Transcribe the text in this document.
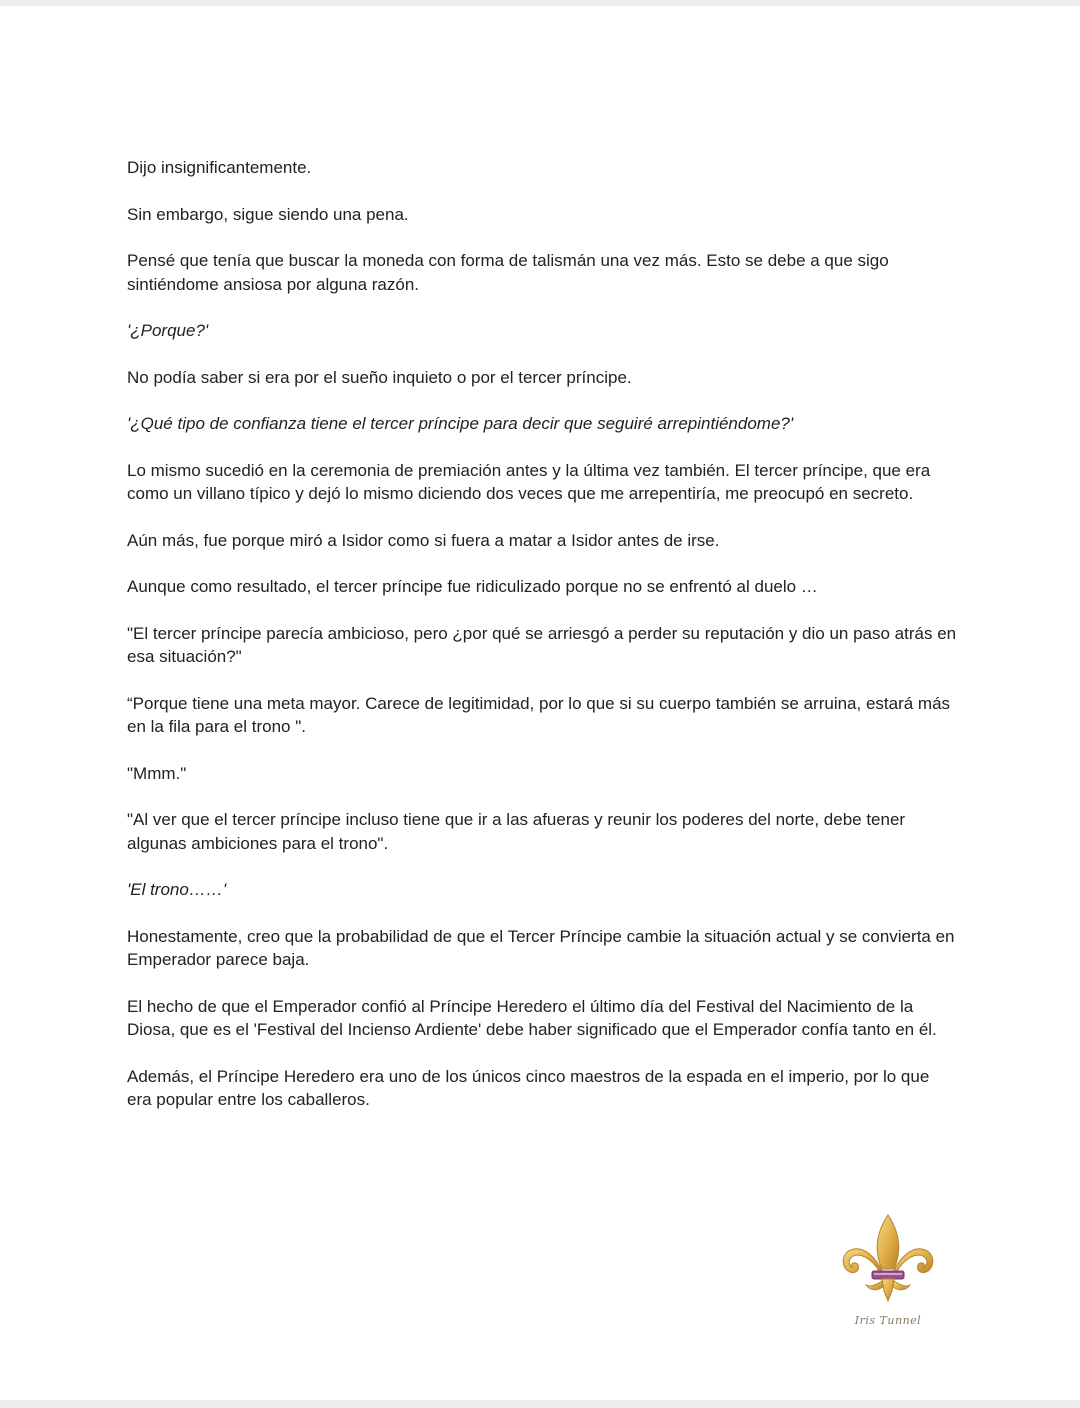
Dijo insignificantemente.

Sin embargo, sigue siendo una pena.

Pensé que tenía que buscar la moneda con forma de talismán una vez más. Esto se debe a que sigo sintiéndome ansiosa por alguna razón.

'¿Porque?'

No podía saber si era por el sueño inquieto o por el tercer príncipe.

'¿Qué tipo de confianza tiene el tercer príncipe para decir que seguiré arrepintiéndome?'

Lo mismo sucedió en la ceremonia de premiación antes y la última vez también. El tercer príncipe, que era como un villano típico y dejó lo mismo diciendo dos veces que me arrepentiría, me preocupó en secreto.

Aún más, fue porque miró a Isidor como si fuera a matar a Isidor antes de irse.

Aunque como resultado, el tercer príncipe fue ridiculizado porque no se enfrentó al duelo …

"El tercer príncipe parecía ambicioso, pero ¿por qué se arriesgó a perder su reputación y dio un paso atrás en esa situación?"

“Porque tiene una meta mayor. Carece de legitimidad, por lo que si su cuerpo también se arruina, estará más en la fila para el trono ".

"Mmm."

"Al ver que el tercer príncipe incluso tiene que ir a las afueras y reunir los poderes del norte, debe tener algunas ambiciones para el trono".

'El trono……'

Honestamente, creo que la probabilidad de que el Tercer Príncipe cambie la situación actual y se convierta en Emperador parece baja.

El hecho de que el Emperador confió al Príncipe Heredero el último día del Festival del Nacimiento de la Diosa, que es el 'Festival del Incienso Ardiente' debe haber significado que el Emperador confía tanto en él.

Además, el Príncipe Heredero era uno de los únicos cinco maestros de la espada en el imperio, por lo que era popular entre los caballeros.

Iris Tunnel
